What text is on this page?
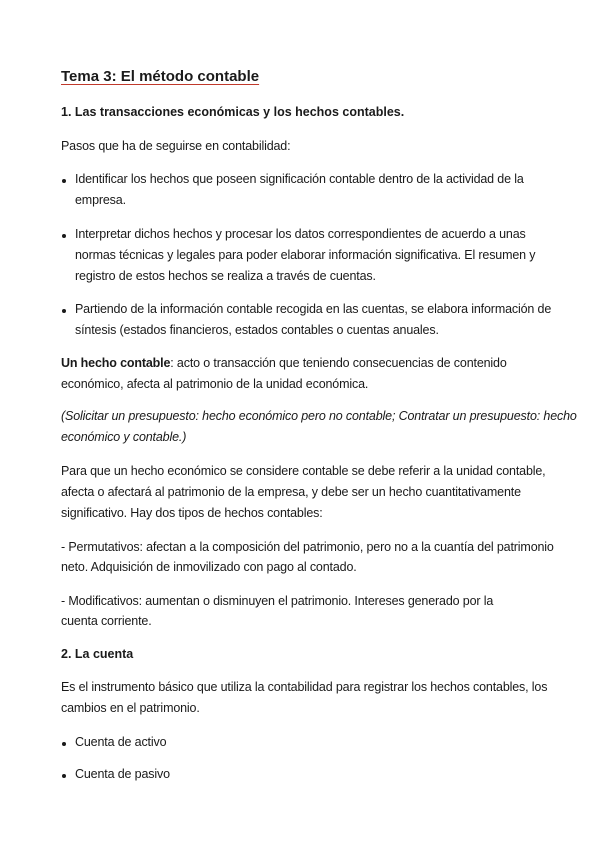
Tema 3: El método contable
1. Las transacciones económicas y los hechos contables.

Pasos que ha de seguirse en contabilidad:

Identificar los hechos que poseen significación contable dentro de la actividad de la

empresa.

Interpretar dichos hechos y procesar los datos correspondientes de acuerdo a unas

normas técnicas y legales para poder elaborar información significativa. El resumen y

registro de estos hechos se realiza a través de cuentas.

Partiendo de la información contable recogida en las cuentas, se elabora información de

síntesis (estados financieros, estados contables o cuentas anuales.

Un hecho contable: acto o transacción que teniendo consecuencias de contenido

económico, afecta al patrimonio de la unidad económica.

(Solicitar un presupuesto: hecho económico pero no contable; Contratar un presupuesto: hecho

económico y contable.)

Para que un hecho económico se considere contable se debe referir a la unidad contable,

afecta o afectará al patrimonio de la empresa, y debe ser un hecho cuantitativamente

significativo. Hay dos tipos de hechos contables:

- Permutativos: afectan a la composición del patrimonio, pero no a la cuantía del patrimonio

neto. Adquisición de inmovilizado con pago al contado.

- Modificativos: aumentan o disminuyen el patrimonio. Intereses generado por la

cuenta corriente.

2. La cuenta

Es el instrumento básico que utiliza la contabilidad para registrar los hechos contables, los

cambios en el patrimonio.

Cuenta de activo

Cuenta de pasivo
